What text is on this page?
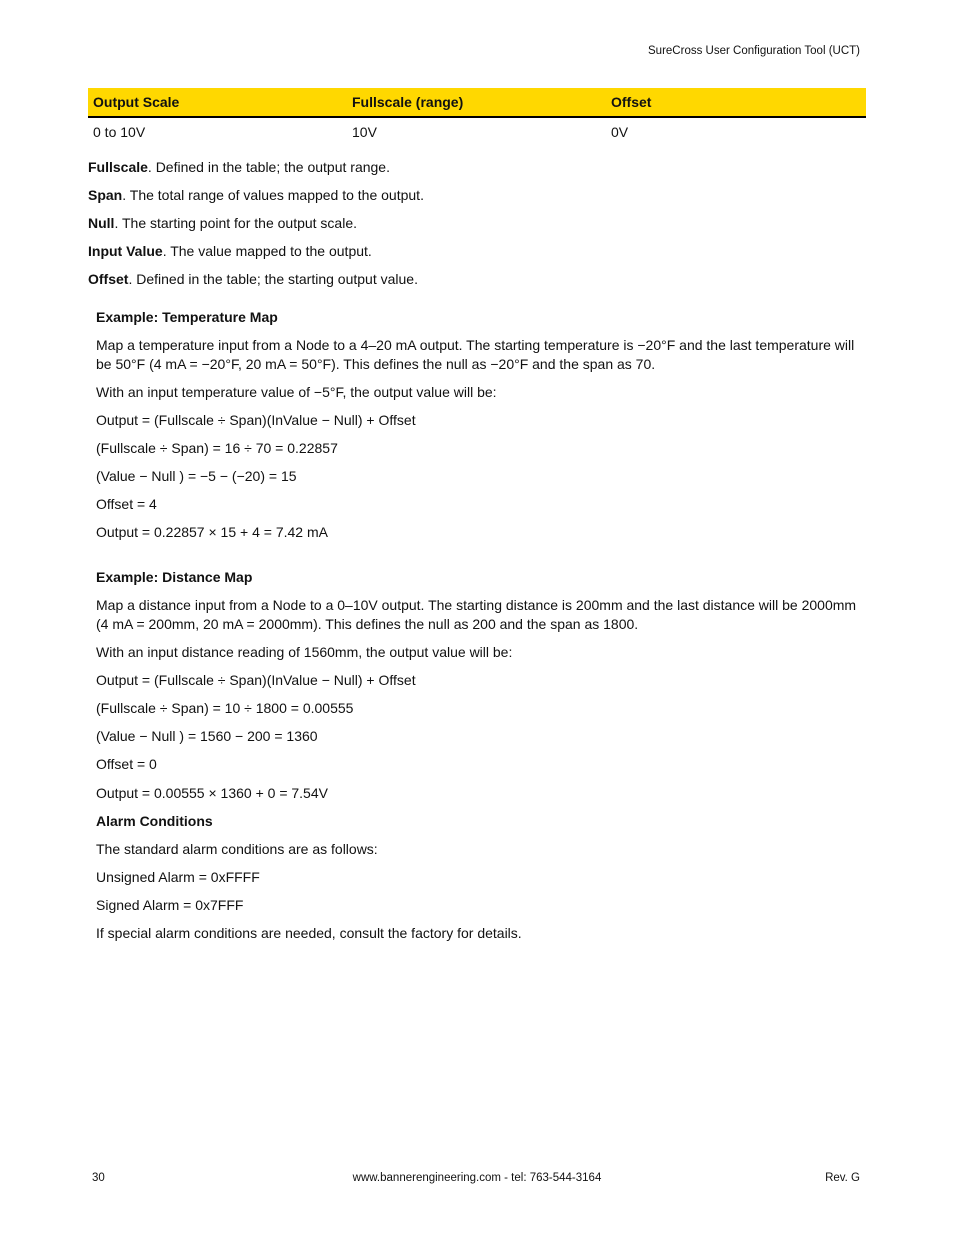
SureCross User Configuration Tool (UCT)
Output Scale	Fullscale (range)	Offset
0 to 10V	10V	0V

Fullscale. Defined in the table; the output range.

Span. The total range of values mapped to the output.

Null. The starting point for the output scale.

Input Value. The value mapped to the output.

Offset. Defined in the table; the starting output value.

Example: Temperature Map

Map a temperature input from a Node to a 4–20 mA output. The starting temperature is −20°F and the last temperature will be 50°F (4 mA = −20°F, 20 mA = 50°F). This defines the null as −20°F and the span as 70.

With an input temperature value of −5°F, the output value will be:

Output = (Fullscale ÷ Span)(InValue − Null) + Offset

(Fullscale ÷ Span) = 16 ÷ 70 = 0.22857

(Value − Null ) = −5 − (−20) = 15

Offset = 4

Output = 0.22857 × 15 + 4 = 7.42 mA

Example: Distance Map

Map a distance input from a Node to a 0–10V output. The starting distance is 200mm and the last distance will be 2000mm (4 mA = 200mm, 20 mA = 2000mm). This defines the null as 200 and the span as 1800.

With an input distance reading of 1560mm, the output value will be:

Output = (Fullscale ÷ Span)(InValue − Null) + Offset

(Fullscale ÷ Span) = 10 ÷ 1800 = 0.00555

(Value − Null ) = 1560 − 200 = 1360

Offset = 0

Output = 0.00555 × 1360 + 0 = 7.54V

Alarm Conditions

The standard alarm conditions are as follows:

Unsigned Alarm = 0xFFFF

Signed Alarm = 0x7FFF

If special alarm conditions are needed, consult the factory for details.

www.bannerengineering.com - tel: 763-544-3164
30	Rev. G
